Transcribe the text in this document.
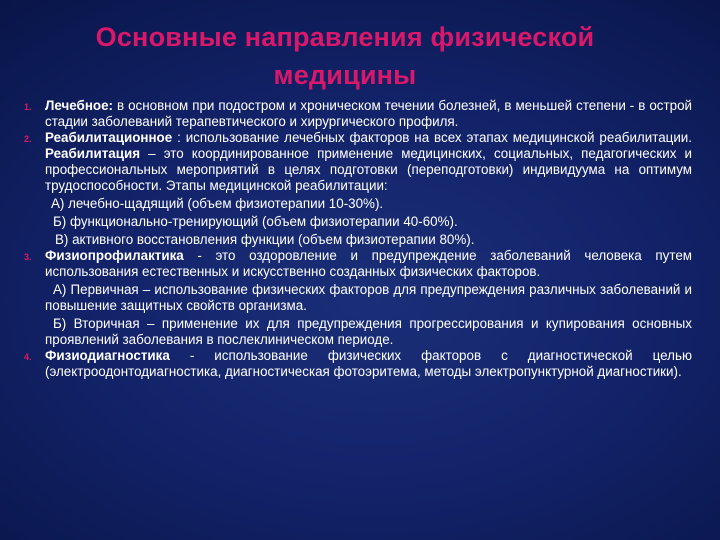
Основные направления физической
медицины
1. Лечебное: в основном при подостром и хроническом течении болезней, в меньшей степени - в острой стадии заболеваний терапевтического и хирургического профиля.
2. Реабилитационное : использование лечебных факторов на всех этапах медицинской реабилитации. Реабилитация – это координированное применение медицинских, социальных, педагогических и профессиональных мероприятий в целях подготовки (переподготовки) индивидуума на оптимум трудоспособности. Этапы медицинской реабилитации:
А) лечебно-щадящий (объем физиотерапии 10-30%).
Б) функционально-тренирующий (объем физиотерапии 40-60%).
В) активного восстановления функции (объем физиотерапии 80%).
3. Физиопрофилактика - это оздоровление и предупреждение заболеваний человека путем использования естественных и искусственно созданных физических факторов.
А) Первичная – использование физических факторов для предупреждения различных заболеваний и повышение защитных свойств организма.
Б) Вторичная – применение их для предупреждения прогрессирования и купирования основных проявлений заболевания в послеклиническом периоде.
4. Физиодиагностика - использование физических факторов с диагностической целью (электроодонтодиагностика, диагностическая фотоэритема, методы электропунктурной диагностики).
